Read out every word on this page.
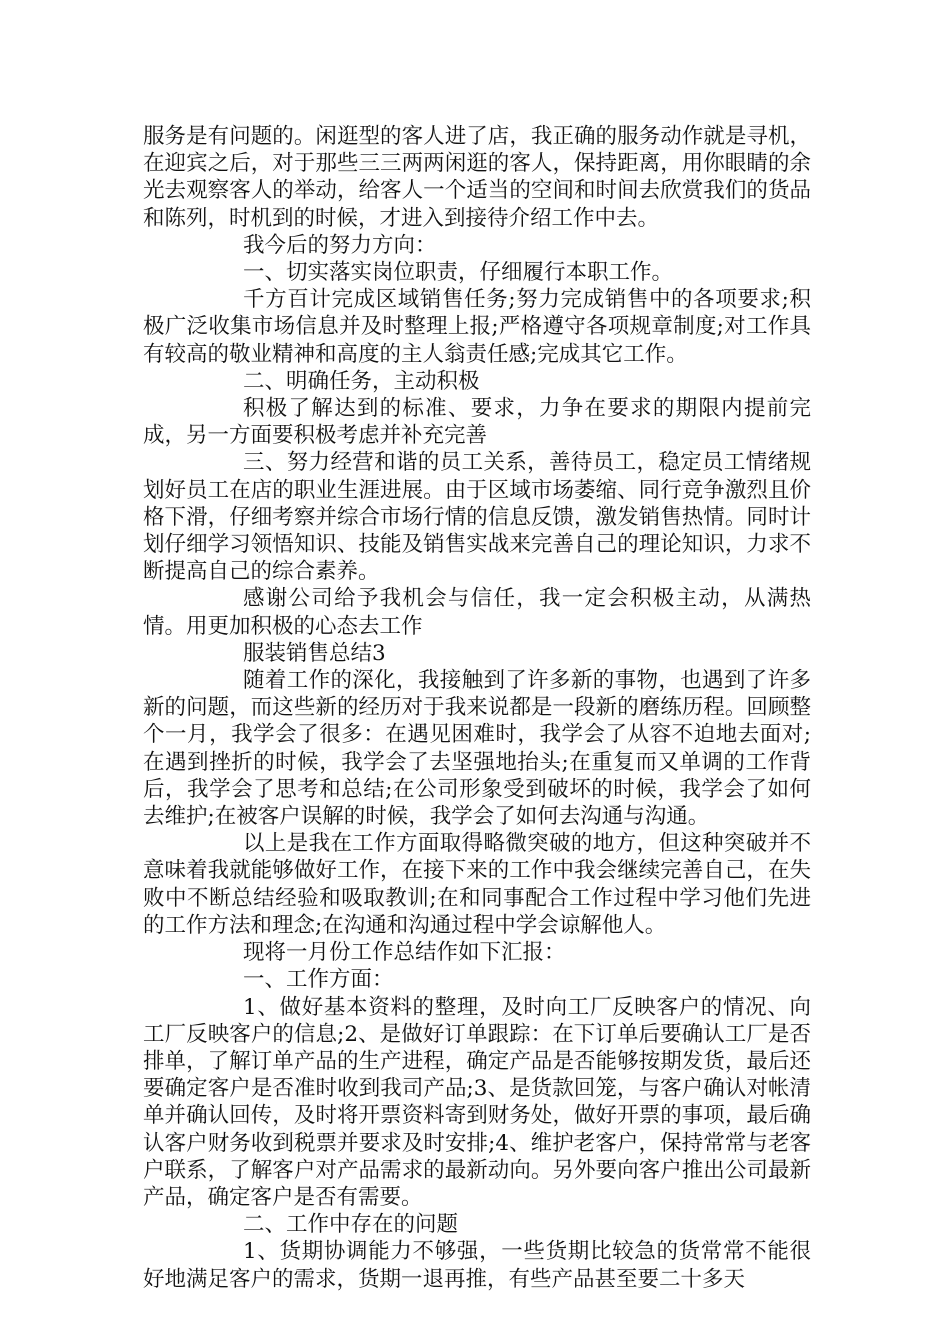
服务是有问题的。闲逛型的客人进了店，我正确的服务动作就是寻机，在迎宾之后，对于那些三三两两闲逛的客人，保持距离，用你眼睛的余光去观察客人的举动，给客人一个适当的空间和时间去欣赏我们的货品和陈列，时机到的时候，才进入到接待介绍工作中去。

我今后的努力方向：

一、切实落实岗位职责，仔细履行本职工作。

千方百计完成区域销售任务;努力完成销售中的各项要求;积极广泛收集市场信息并及时整理上报;严格遵守各项规章制度;对工作具有较高的敬业精神和高度的主人翁责任感;完成其它工作。

二、明确任务，主动积极

积极了解达到的标准、要求，力争在要求的期限内提前完成，另一方面要积极考虑并补充完善

三、努力经营和谐的员工关系，善待员工，稳定员工情绪规划好员工在店的职业生涯进展。由于区域市场萎缩、同行竞争激烈且价格下滑，仔细考察并综合市场行情的信息反馈，激发销售热情。同时计划仔细学习领悟知识、技能及销售实战来完善自己的理论知识，力求不断提高自己的综合素养。

感谢公司给予我机会与信任，我一定会积极主动，从满热情。用更加积极的心态去工作

服装销售总结3

随着工作的深化，我接触到了许多新的事物，也遇到了许多新的问题，而这些新的经历对于我来说都是一段新的磨练历程。回顾整个一月，我学会了很多：在遇见困难时，我学会了从容不迫地去面对;在遇到挫折的时候，我学会了去坚强地抬头;在重复而又单调的工作背后，我学会了思考和总结;在公司形象受到破坏的时候，我学会了如何去维护;在被客户误解的时候，我学会了如何去沟通与沟通。

以上是我在工作方面取得略微突破的地方，但这种突破并不意味着我就能够做好工作，在接下来的工作中我会继续完善自己，在失败中不断总结经验和吸取教训;在和同事配合工作过程中学习他们先进的工作方法和理念;在沟通和沟通过程中学会谅解他人。

现将一月份工作总结作如下汇报：

一、工作方面：

1、做好基本资料的整理，及时向工厂反映客户的情况、向工厂反映客户的信息;2、是做好订单跟踪：在下订单后要确认工厂是否排单，了解订单产品的生产进程，确定产品是否能够按期发货，最后还要确定客户是否准时收到我司产品;3、是货款回笼，与客户确认对帐清单并确认回传，及时将开票资料寄到财务处，做好开票的事项，最后确认客户财务收到税票并要求及时安排;4、维护老客户，保持常常与老客户联系，了解客户对产品需求的最新动向。另外要向客户推出公司最新产品，确定客户是否有需要。

二、工作中存在的问题

1、货期协调能力不够强，一些货期比较急的货常常不能很好地满足客户的需求，货期一退再推，有些产品甚至要二十多天
